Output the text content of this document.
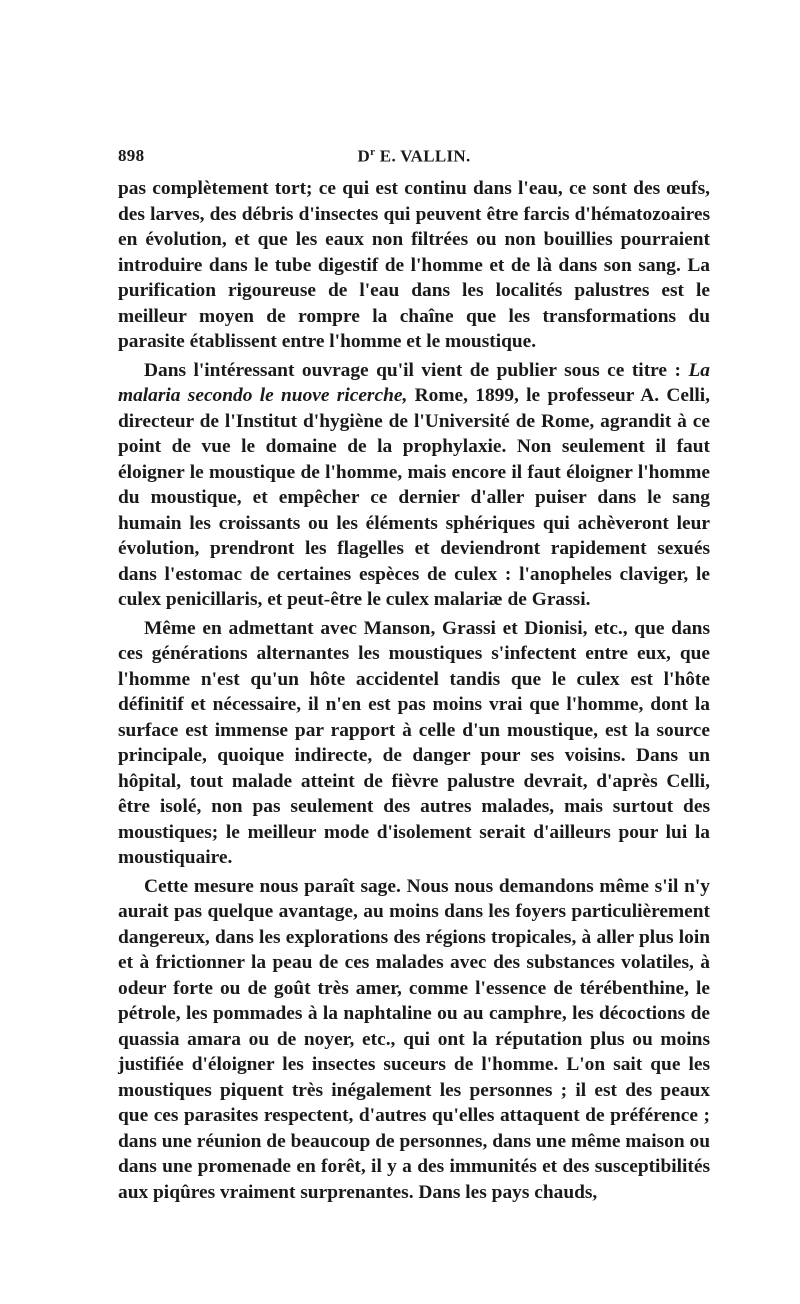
898	$D^r$ E. VALLIN.

pas complètement tort; ce qui est continu dans l'eau, ce sont des œufs, des larves, des débris d'insectes qui peuvent être farcis d'hématozoaires en évolution, et que les eaux non filtrées ou non bouillies pourraient introduire dans le tube digestif de l'homme et de là dans son sang. La purification rigoureuse de l'eau dans les localités palustres est le meilleur moyen de rompre la chaîne que les transformations du parasite établissent entre l'homme et le moustique.

Dans l'intéressant ouvrage qu'il vient de publier sous ce titre : La malaria secondo le nuove ricerche, Rome, 1899, le professeur A. Celli, directeur de l'Institut d'hygiène de l'Université de Rome, agrandit à ce point de vue le domaine de la prophylaxie. Non seulement il faut éloigner le moustique de l'homme, mais encore il faut éloigner l'homme du moustique, et empêcher ce dernier d'aller puiser dans le sang humain les croissants ou les éléments sphériques qui achèveront leur évolution, prendront les flagelles et deviendront rapidement sexués dans l'estomac de certaines espèces de culex : l'anopheles claviger, le culex penicillaris, et peut-être le culex malariæ de Grassi.

Même en admettant avec Manson, Grassi et Dionisi, etc., que dans ces générations alternantes les moustiques s'infectent entre eux, que l'homme n'est qu'un hôte accidentel tandis que le culex est l'hôte définitif et nécessaire, il n'en est pas moins vrai que l'homme, dont la surface est immense par rapport à celle d'un moustique, est la source principale, quoique indirecte, de danger pour ses voisins. Dans un hôpital, tout malade atteint de fièvre palustre devrait, d'après Celli, être isolé, non pas seulement des autres malades, mais surtout des moustiques; le meilleur mode d'isolement serait d'ailleurs pour lui la moustiquaire.

Cette mesure nous paraît sage. Nous nous demandons même s'il n'y aurait pas quelque avantage, au moins dans les foyers particulièrement dangereux, dans les explorations des régions tropicales, à aller plus loin et à frictionner la peau de ces malades avec des substances volatiles, à odeur forte ou de goût très amer, comme l'essence de térébenthine, le pétrole, les pommades à la naphtaline ou au camphre, les décoctions de quassia amara ou de noyer, etc., qui ont la réputation plus ou moins justifiée d'éloigner les insectes suceurs de l'homme. L'on sait que les moustiques piquent très inégalement les personnes ; il est des peaux que ces parasites respectent, d'autres qu'elles attaquent de préférence ; dans une réunion de beaucoup de personnes, dans une même maison ou dans une promenade en forêt, il y a des immunités et des susceptibilités aux piqûres vraiment surprenantes. Dans les pays chauds,
